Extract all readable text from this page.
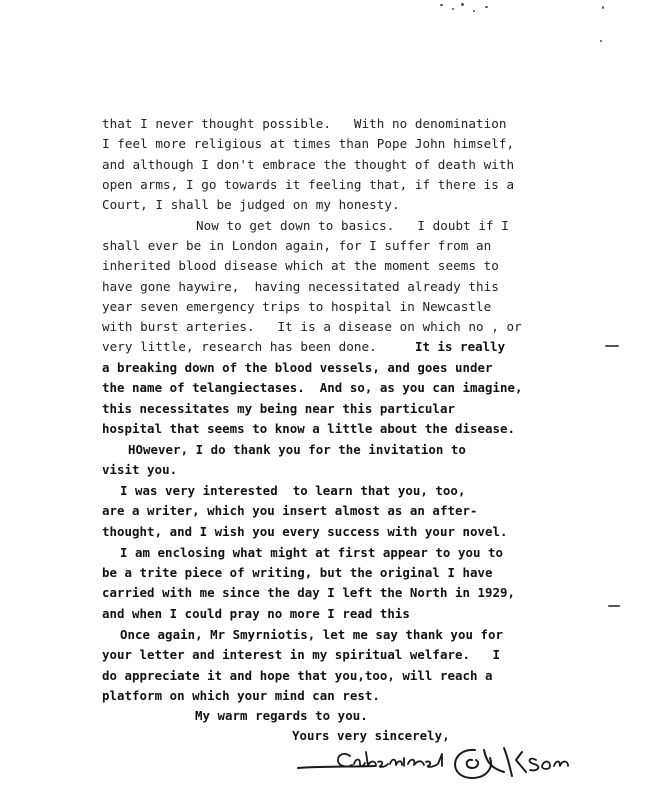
that I never thought possible.   With no denomination
I feel more religious at times than Pope John himself,
and although I don't embrace the thought of death with
open arms, I go towards it feeling that, if there is a
Court, I shall be judged on my honesty.
Now to get down to basics.   I doubt if I
shall ever be in London again, for I suffer from an
inherited blood disease which at the moment seems to
have gone haywire,  having necessitated already this
year seven emergency trips to hospital in Newcastle
with burst arteries.   It is a disease on which no , or
very little, research has been done.	It is really
a breaking down of the blood vessels, and goes under
the name of telangiectases.  And so, as you can imagine,
this necessitates my being near this particular
hospital that seems to know a little about the disease.
HOwever, I do thank you for the invitation to
visit you.
I was very interested  to learn that you, too,
are a writer, which you insert almost as an after-
thought, and I wish you every success with your novel.
I am enclosing what might at first appear to you to
be a trite piece of writing, but the original I have
carried with me since the day I left the North in 1929,
and when I could pray no more I read this
Once again, Mr Smyrniotis, let me say thank you for
your letter and interest in my spiritual welfare.   I
do appreciate it and hope that you,too, will reach a
platform on which your mind can rest.
My warm regards to you.
Yours very sincerely,
